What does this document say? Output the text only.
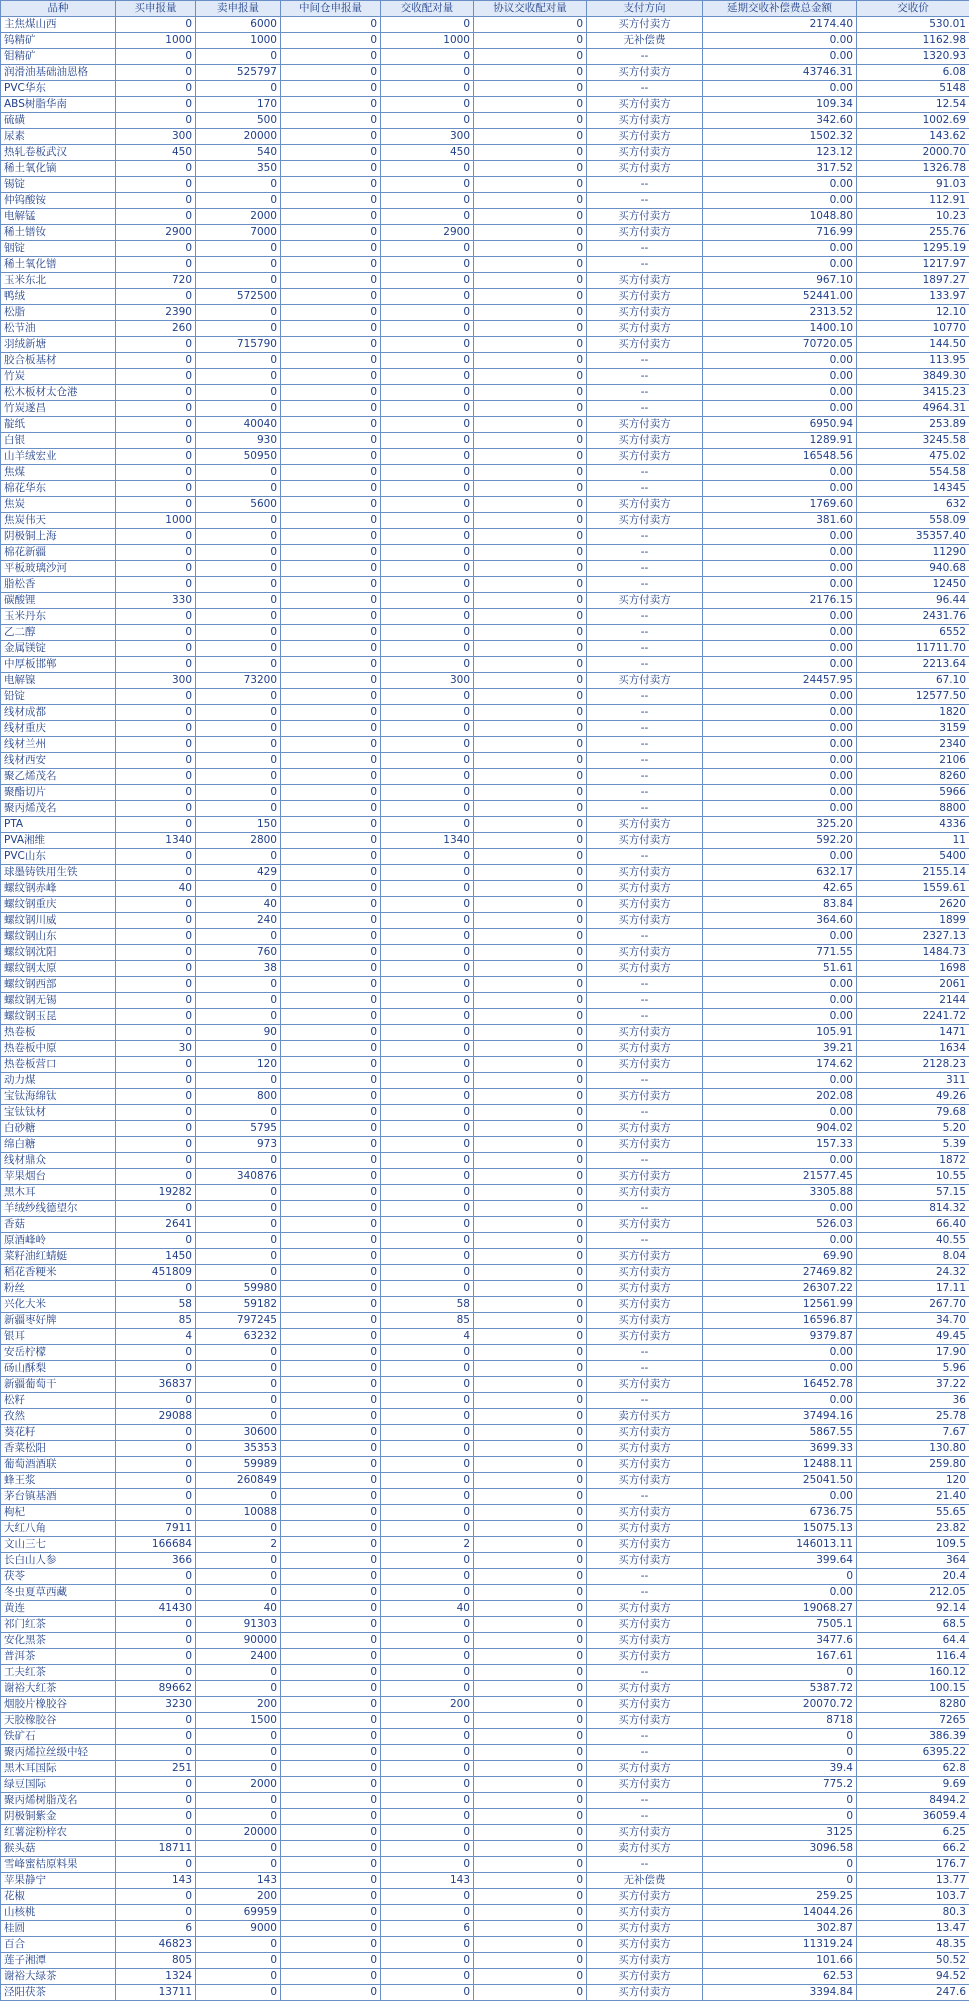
品种	买申报量	卖申报量	中间仓申报量	交收配对量	协议交收配对量	支付方向	延期交收补偿费总金额	交收价
主焦煤山西	0	6000	0	0	0	买方付卖方	2174.40	530.01
钨精矿	1000	1000	0	1000	0	无补偿费	0.00	1162.98
钼精矿	0	0	0	0	0	--	0.00	1320.93
润滑油基础油恩格	0	525797	0	0	0	买方付卖方	43746.31	6.08
PVC华东	0	0	0	0	0	--	0.00	5148
ABS树脂华南	0	170	0	0	0	买方付卖方	109.34	12.54
硫磺	0	500	0	0	0	买方付卖方	342.60	1002.69
尿素	300	20000	0	300	0	买方付卖方	1502.32	143.62
热轧卷板武汉	450	540	0	450	0	买方付卖方	123.12	2000.70
稀土氧化镝	0	350	0	0	0	买方付卖方	317.52	1326.78
锡锭	0	0	0	0	0	--	0.00	91.03
仲钨酸铵	0	0	0	0	0	--	0.00	112.91
电解锰	0	2000	0	0	0	买方付卖方	1048.80	10.23
稀土镨钕	2900	7000	0	2900	0	买方付卖方	716.99	255.76
铟锭	0	0	0	0	0	--	0.00	1295.19
稀土氧化镨	0	0	0	0	0	--	0.00	1217.97
玉米东北	720	0	0	0	0	买方付卖方	967.10	1897.27
鸭绒	0	572500	0	0	0	买方付卖方	52441.00	133.97
松脂	2390	0	0	0	0	买方付卖方	2313.52	12.10
松节油	260	0	0	0	0	买方付卖方	1400.10	10770
羽绒新塘	0	715790	0	0	0	买方付卖方	70720.05	144.50
胶合板基材	0	0	0	0	0	--	0.00	113.95
竹炭	0	0	0	0	0	--	0.00	3849.30
松木板材太仓港	0	0	0	0	0	--	0.00	3415.23
竹炭遂昌	0	0	0	0	0	--	0.00	4964.31
靛纸	0	40040	0	0	0	买方付卖方	6950.94	253.89
白银	0	930	0	0	0	买方付卖方	1289.91	3245.58
山羊绒宏业	0	50950	0	0	0	买方付卖方	16548.56	475.02
焦煤	0	0	0	0	0	--	0.00	554.58
棉花华东	0	0	0	0	0	--	0.00	14345
焦炭	0	5600	0	0	0	买方付卖方	1769.60	632
焦炭伟天	1000	0	0	0	0	买方付卖方	381.60	558.09
阴极铜上海	0	0	0	0	0	--	0.00	35357.40
棉花新疆	0	0	0	0	0	--	0.00	11290
平板玻璃沙河	0	0	0	0	0	--	0.00	940.68
脂松香	0	0	0	0	0	--	0.00	12450
碳酸锂	330	0	0	0	0	买方付卖方	2176.15	96.44
玉米丹东	0	0	0	0	0	--	0.00	2431.76
乙二醇	0	0	0	0	0	--	0.00	6552
金属镁锭	0	0	0	0	0	--	0.00	11711.70
中厚板邯郸	0	0	0	0	0	--	0.00	2213.64
电解镍	300	73200	0	300	0	买方付卖方	24457.95	67.10
铅锭	0	0	0	0	0	--	0.00	12577.50
线材成都	0	0	0	0	0	--	0.00	1820
线材重庆	0	0	0	0	0	--	0.00	3159
线材兰州	0	0	0	0	0	--	0.00	2340
线材西安	0	0	0	0	0	--	0.00	2106
聚乙烯茂名	0	0	0	0	0	--	0.00	8260
聚酯切片	0	0	0	0	0	--	0.00	5966
聚丙烯茂名	0	0	0	0	0	--	0.00	8800
PTA	0	150	0	0	0	买方付卖方	325.20	4336
PVA湘维	1340	2800	0	1340	0	买方付卖方	592.20	11
PVC山东	0	0	0	0	0	--	0.00	5400
球墨铸铁用生铁	0	429	0	0	0	买方付卖方	632.17	2155.14
螺纹钢赤峰	40	0	0	0	0	买方付卖方	42.65	1559.61
螺纹钢重庆	0	40	0	0	0	买方付卖方	83.84	2620
螺纹钢川威	0	240	0	0	0	买方付卖方	364.60	1899
螺纹钢山东	0	0	0	0	0	--	0.00	2327.13
螺纹钢沈阳	0	760	0	0	0	买方付卖方	771.55	1484.73
螺纹钢太原	0	38	0	0	0	买方付卖方	51.61	1698
螺纹钢西部	0	0	0	0	0	--	0.00	2061
螺纹钢无锡	0	0	0	0	0	--	0.00	2144
螺纹钢玉昆	0	0	0	0	0	--	0.00	2241.72
热卷板	0	90	0	0	0	买方付卖方	105.91	1471
热卷板中原	30	0	0	0	0	买方付卖方	39.21	1634
热卷板营口	0	120	0	0	0	买方付卖方	174.62	2128.23
动力煤	0	0	0	0	0	--	0.00	311
宝钛海绵钛	0	800	0	0	0	买方付卖方	202.08	49.26
宝钛钛材	0	0	0	0	0	--	0.00	79.68
白砂糖	0	5795	0	0	0	买方付卖方	904.02	5.20
绵白糖	0	973	0	0	0	买方付卖方	157.33	5.39
线材鼎众	0	0	0	0	0	--	0.00	1872
苹果烟台	0	340876	0	0	0	买方付卖方	21577.45	10.55
黑木耳	19282	0	0	0	0	买方付卖方	3305.88	57.15
羊绒纱线德望尔	0	0	0	0	0	--	0.00	814.32
香菇	2641	0	0	0	0	买方付卖方	526.03	66.40
原酒峰岭	0	0	0	0	0	--	0.00	40.55
菜籽油红蜻蜓	1450	0	0	0	0	买方付卖方	69.90	8.04
稻花香粳米	451809	0	0	0	0	买方付卖方	27469.82	24.32
粉丝	0	59980	0	0	0	买方付卖方	26307.22	17.11
兴化大米	58	59182	0	58	0	买方付卖方	12561.99	267.70
新疆枣好牌	85	797245	0	85	0	买方付卖方	16596.87	34.70
银耳	4	63232	0	4	0	买方付卖方	9379.87	49.45
安岳柠檬	0	0	0	0	0	--	0.00	17.90
砀山酥梨	0	0	0	0	0	--	0.00	5.96
新疆葡萄干	36837	0	0	0	0	买方付卖方	16452.78	37.22
松籽	0	0	0	0	0	--	0.00	36
孜然	29088	0	0	0	0	卖方付买方	37494.16	25.78
葵花籽	0	30600	0	0	0	买方付卖方	5867.55	7.67
香菜松阳	0	35353	0	0	0	买方付卖方	3699.33	130.80
葡萄酒酒联	0	59989	0	0	0	买方付卖方	12488.11	259.80
蜂王浆	0	260849	0	0	0	买方付卖方	25041.50	120
茅台镇基酒	0	0	0	0	0	--	0.00	21.40
枸杞	0	10088	0	0	0	买方付卖方	6736.75	55.65
大红八角	7911	0	0	0	0	买方付卖方	15075.13	23.82
文山三七	166684	2	0	2	0	买方付卖方	146013.11	109.5
长白山人参	366	0	0	0	0	买方付卖方	399.64	364
茯苓	0	0	0	0	0	--	0	20.4
冬虫夏草西藏	0	0	0	0	0	--	0.00	212.05
黄连	41430	40	0	40	0	买方付卖方	19068.27	92.14
祁门红茶	0	91303	0	0	0	买方付卖方	7505.1	68.5
安化黑茶	0	90000	0	0	0	买方付卖方	3477.6	64.4
普洱茶	0	2400	0	0	0	买方付卖方	167.61	116.4
工夫红茶	0	0	0	0	0	--	0	160.12
谢裕大红茶	89662	0	0	0	0	买方付卖方	5387.72	100.15
烟胶片橡胶谷	3230	200	0	200	0	买方付卖方	20070.72	8280
天胶橡胶谷	0	1500	0	0	0	买方付卖方	8718	7265
铁矿石	0	0	0	0	0	--	0	386.39
聚丙烯拉丝级中轻	0	0	0	0	0	--	0	6395.22
黑木耳国际	251	0	0	0	0	买方付卖方	39.4	62.8
绿豆国际	0	2000	0	0	0	买方付卖方	775.2	9.69
聚丙烯树脂茂名	0	0	0	0	0	--	0	8494.2
阴极铜紫金	0	0	0	0	0	--	0	36059.4
红薯淀粉梓农	0	20000	0	0	0	买方付卖方	3125	6.25
猴头菇	18711	0	0	0	0	卖方付买方	3096.58	66.2
雪峰蜜桔原料果	0	0	0	0	0	--	0	176.7
苹果静宁	143	143	0	143	0	无补偿费	0	13.77
花椒	0	200	0	0	0	买方付卖方	259.25	103.7
山核桃	0	69959	0	0	0	买方付卖方	14044.26	80.3
桂圆	6	9000	0	6	0	买方付卖方	302.87	13.47
百合	46823	0	0	0	0	买方付卖方	11319.24	48.35
莲子湘潭	805	0	0	0	0	买方付卖方	101.66	50.52
谢裕大绿茶	1324	0	0	0	0	买方付卖方	62.53	94.52
泾阳茯茶	13711	0	0	0	0	买方付卖方	3394.84	247.6
